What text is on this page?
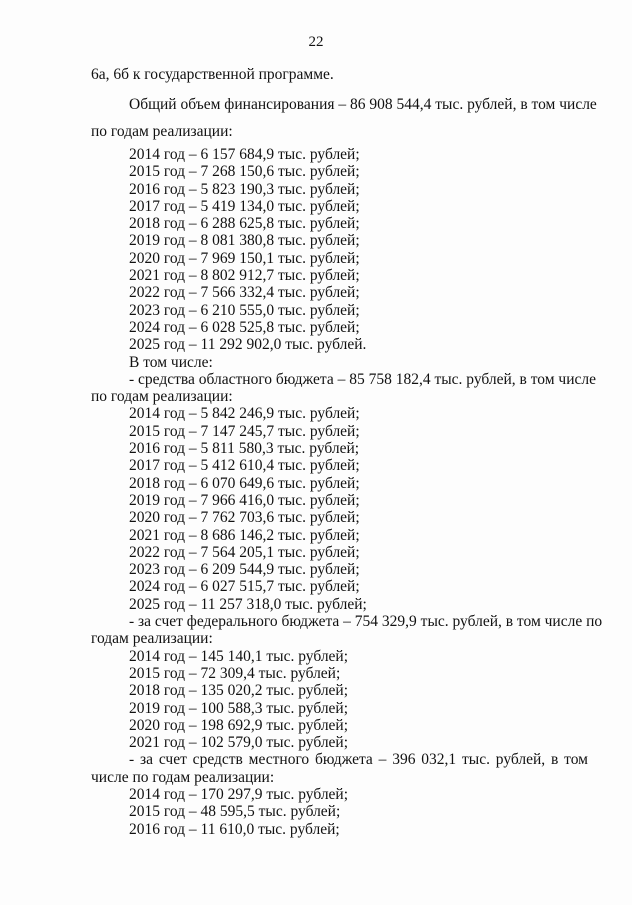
22
6а, 6б к государственной программе.
Общий объем финансирования – 86 908 544,4 тыс. рублей, в том числе
по годам реализации:
2014 год – 6 157 684,9 тыс. рублей;
2015 год – 7 268 150,6 тыс. рублей;
2016 год – 5 823 190,3 тыс. рублей;
2017 год – 5 419 134,0 тыс. рублей;
2018 год – 6 288 625,8 тыс. рублей;
2019 год – 8 081 380,8 тыс. рублей;
2020 год – 7 969 150,1 тыс. рублей;
2021 год – 8 802 912,7 тыс. рублей;
2022 год – 7 566 332,4 тыс. рублей;
2023 год – 6 210 555,0 тыс. рублей;
2024 год – 6 028 525,8 тыс. рублей;
2025 год – 11 292 902,0 тыс. рублей.
В том числе:
- средства областного бюджета – 85 758 182,4 тыс. рублей, в том числе
по годам реализации:
2014 год – 5 842 246,9 тыс. рублей;
2015 год – 7 147 245,7 тыс. рублей;
2016 год – 5 811 580,3 тыс. рублей;
2017 год – 5 412 610,4 тыс. рублей;
2018 год – 6 070 649,6 тыс. рублей;
2019 год – 7 966 416,0 тыс. рублей;
2020 год – 7 762 703,6 тыс. рублей;
2021 год – 8 686 146,2 тыс. рублей;
2022 год – 7 564 205,1 тыс. рублей;
2023 год – 6 209 544,9 тыс. рублей;
2024 год – 6 027 515,7 тыс. рублей;
2025 год – 11 257 318,0 тыс. рублей;
- за счет федерального бюджета – 754 329,9 тыс. рублей, в том числе по
годам реализации:
2014 год – 145 140,1 тыс. рублей;
2015 год – 72 309,4 тыс. рублей;
2018 год – 135 020,2 тыс. рублей;
2019 год – 100 588,3 тыс. рублей;
2020 год – 198 692,9 тыс. рублей;
2021 год – 102 579,0 тыс. рублей;
- за счет средств местного бюджета – 396 032,1 тыс. рублей, в том
числе по годам реализации:
2014 год – 170 297,9 тыс. рублей;
2015 год – 48 595,5 тыс. рублей;
2016 год – 11 610,0 тыс. рублей;
